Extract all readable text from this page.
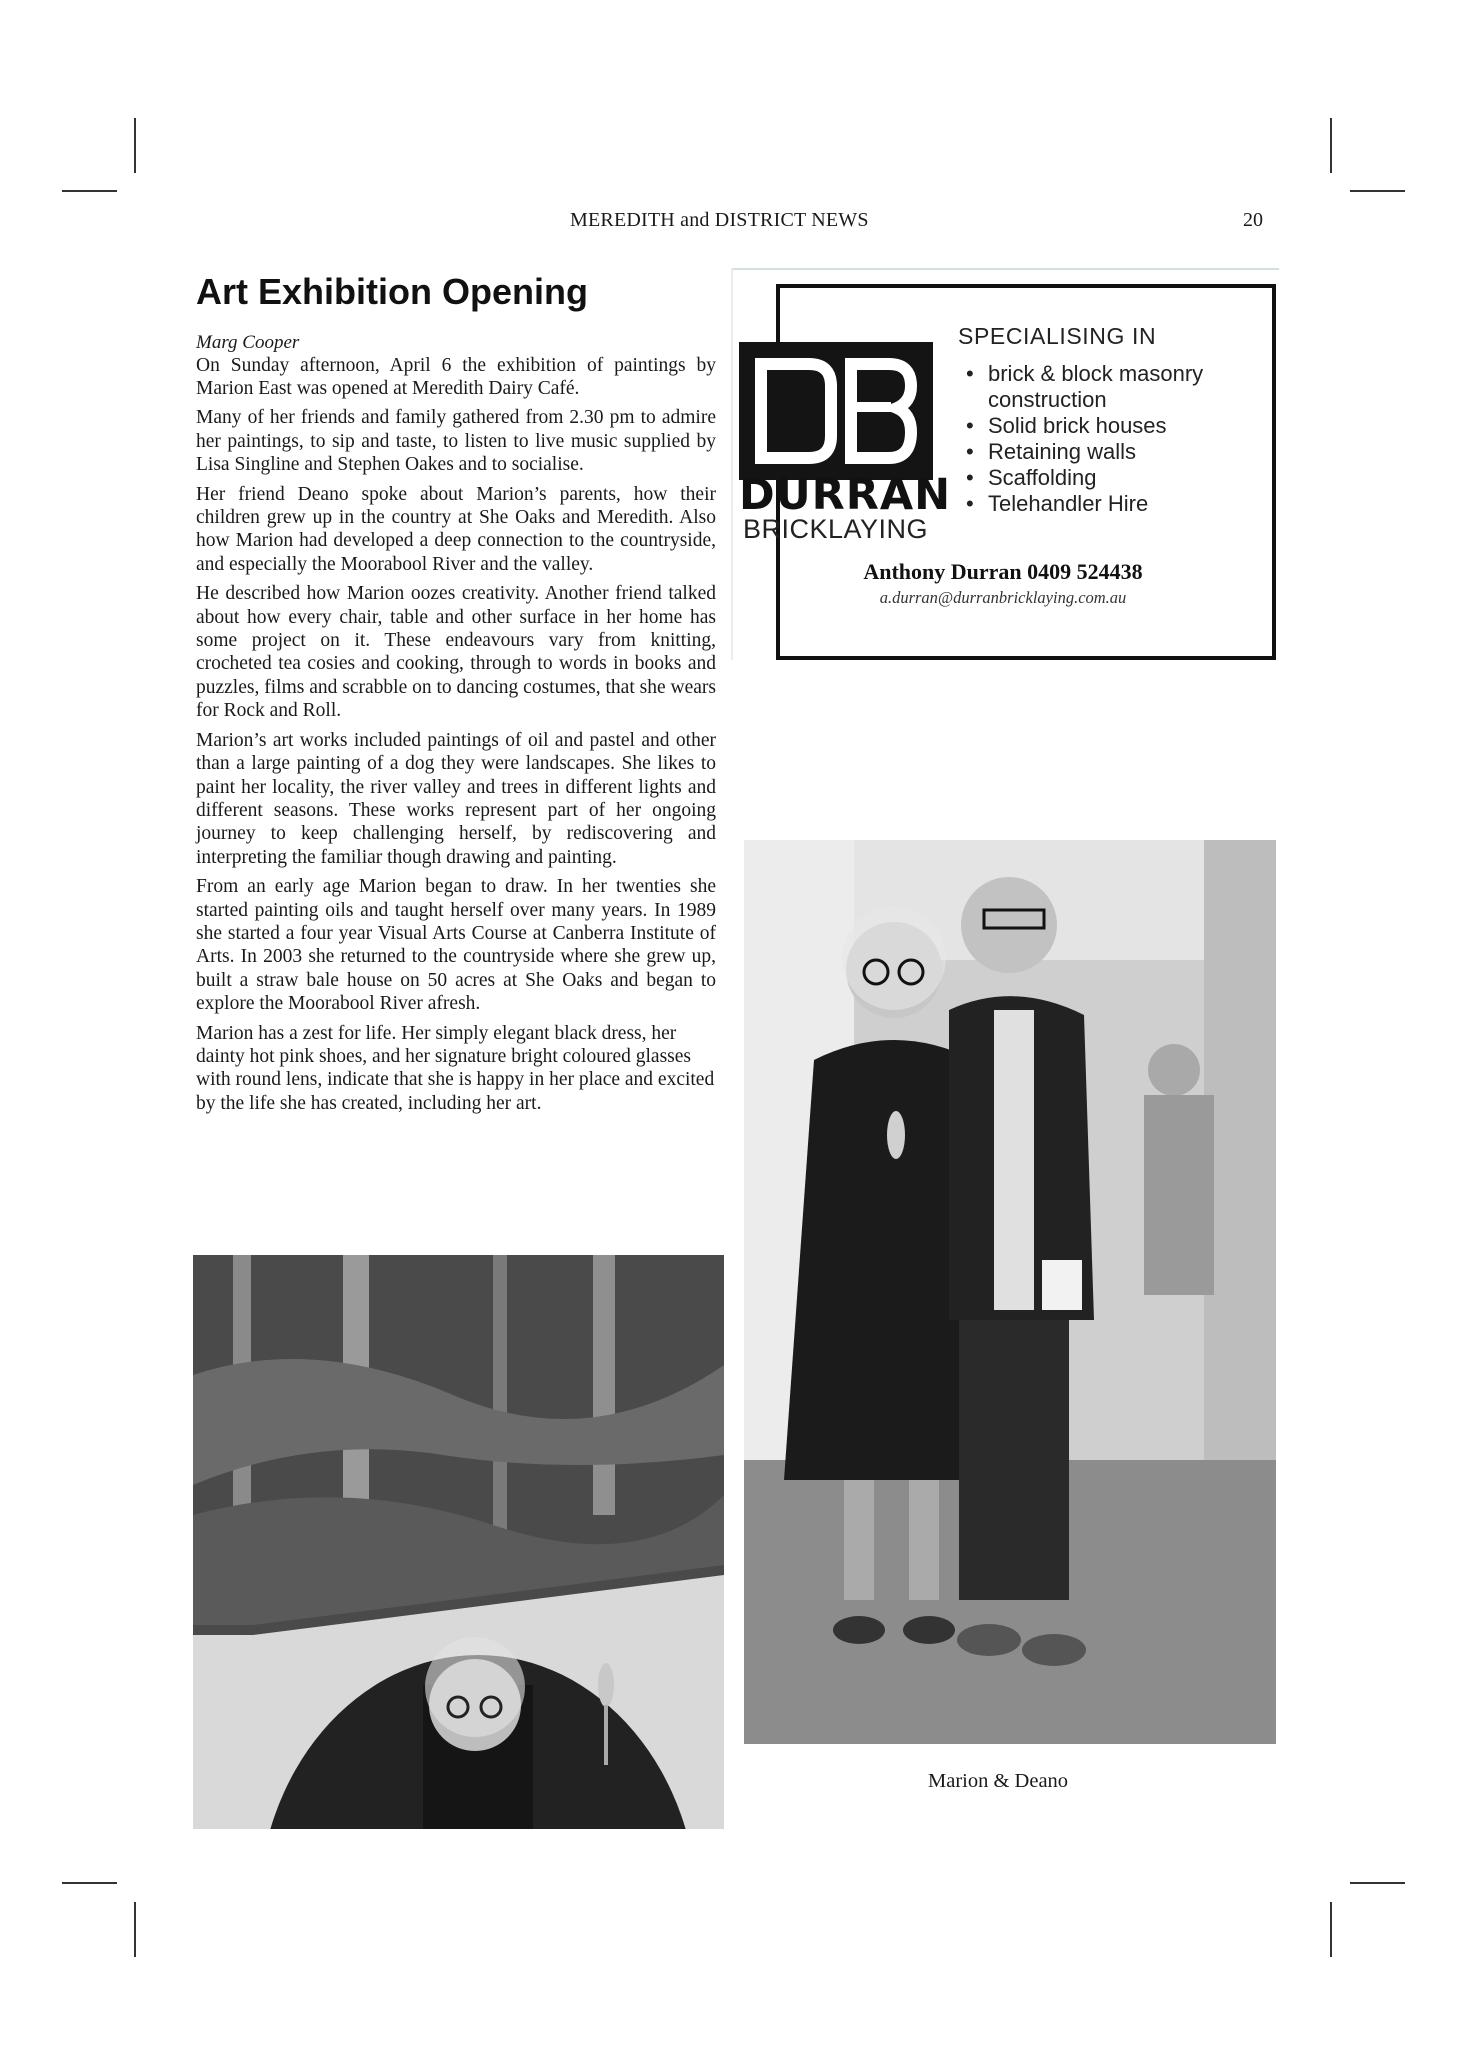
MEREDITH and DISTRICT NEWS	20
Art Exhibition Opening
Marg Cooper

On Sunday afternoon, April 6 the exhibition of paintings by Marion East was opened at Meredith Dairy Café.

Many of her friends and family gathered from 2.30 pm to admire her paintings, to sip and taste, to listen to live music supplied by Lisa Singline and Stephen Oakes and to socialise.

Her friend Deano spoke about Marion’s parents, how their children grew up in the country at She Oaks and Meredith. Also how Marion had developed a deep connection to the countryside, and especially the Moorabool River and the valley.

He described how Marion oozes creativity. Another friend talked about how every chair, table and other surface in her home has some project on it. These endeavours vary from knitting, crocheted tea cosies and cooking, through to words in books and puzzles, films and scrabble on to dancing costumes, that she wears for Rock and Roll.

Marion’s art works included paintings of oil and pastel and other than a large painting of a dog they were landscapes. She likes to paint her locality, the river valley and trees in different lights and different seasons. These works represent part of her ongoing journey to keep challenging herself, by rediscovering and interpreting the familiar though drawing and painting.

From an early age Marion began to draw. In her twenties she started painting oils and taught herself over many years. In 1989 she started a four year Visual Arts Course at Canberra Institute of Arts. In 2003 she returned to the countryside where she grew up, built a straw bale house on 50 acres at She Oaks and began to explore the Moorabool River afresh.

Marion has a zest for life. Her simply elegant black dress, her dainty hot pink shoes, and her signature bright coloured glasses with round lens, indicate that she is happy in her place and excited by the life she has created, including her art.

Marion & Deano
DURRAN
BRICKLAYING
SPECIALISING IN
• brick & block masonry construction
• Solid brick houses
• Retaining walls
• Scaffolding
• Telehandler Hire
Anthony Durran 0409 524438
a.durran@durranbricklaying.com.au
